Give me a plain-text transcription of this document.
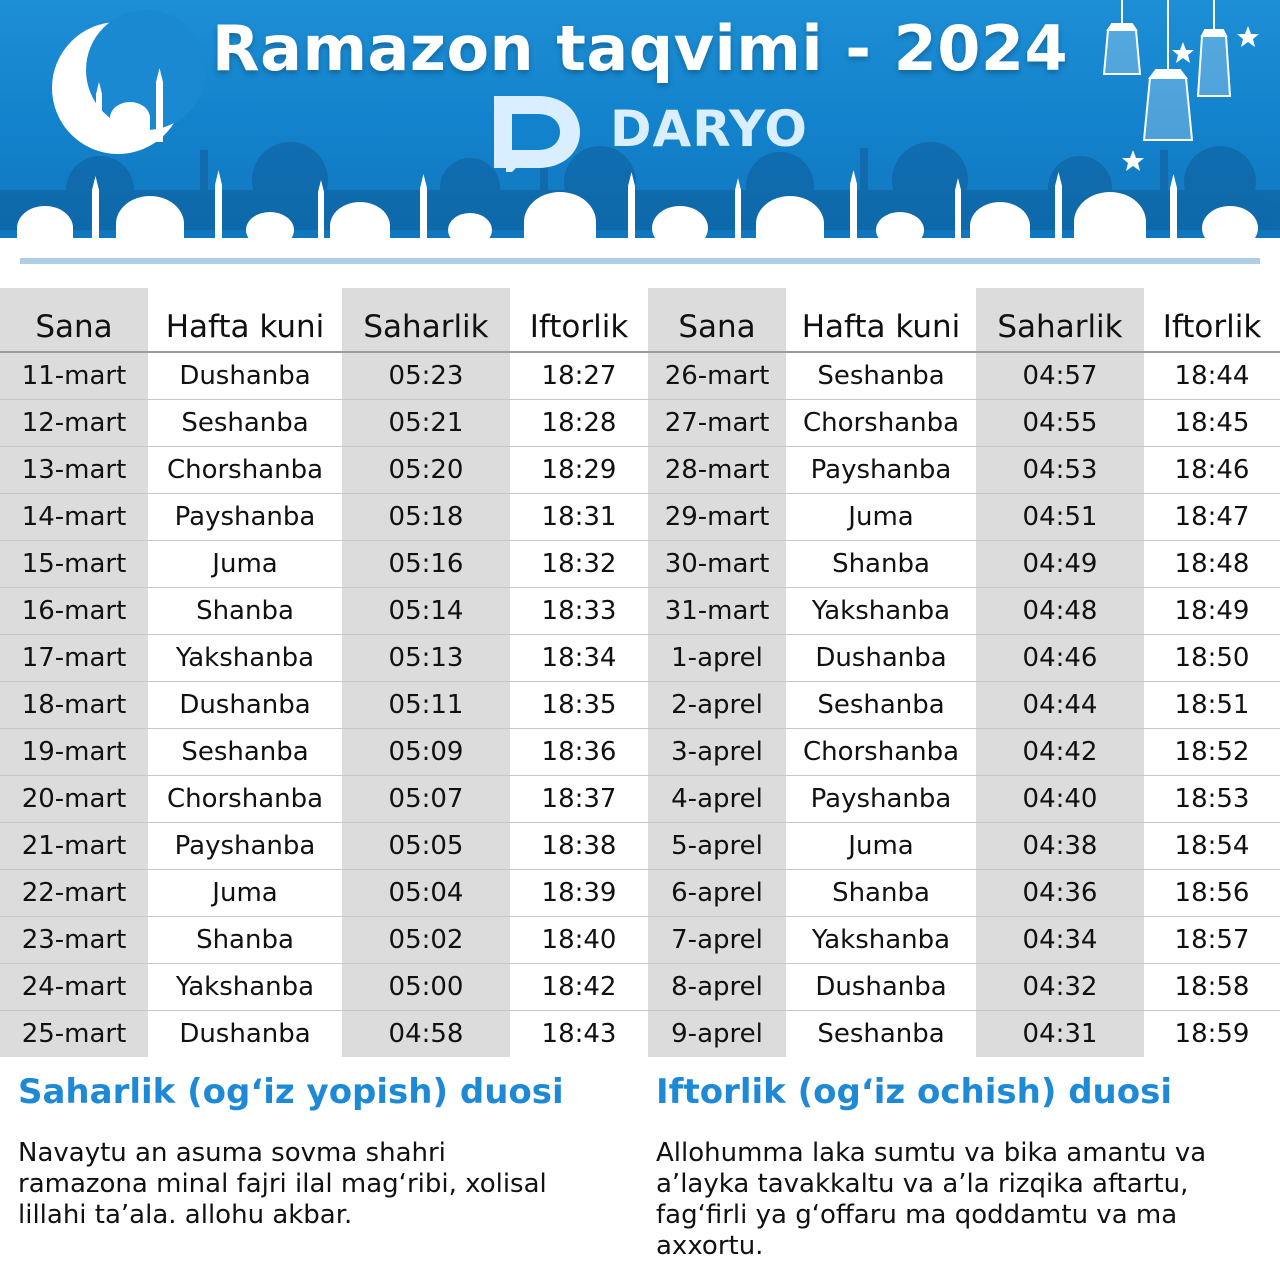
Ramazon taqvimi - 2024
DARYO
Sana	Hafta kuni	Saharlik	Iftorlik	Sana	Hafta kuni	Saharlik	Iftorlik
11-mart	Dushanba	05:23	18:27	26-mart	Seshanba	04:57	18:44
12-mart	Seshanba	05:21	18:28	27-mart	Chorshanba	04:55	18:45
13-mart	Chorshanba	05:20	18:29	28-mart	Payshanba	04:53	18:46
14-mart	Payshanba	05:18	18:31	29-mart	Juma	04:51	18:47
15-mart	Juma	05:16	18:32	30-mart	Shanba	04:49	18:48
16-mart	Shanba	05:14	18:33	31-mart	Yakshanba	04:48	18:49
17-mart	Yakshanba	05:13	18:34	1-aprel	Dushanba	04:46	18:50
18-mart	Dushanba	05:11	18:35	2-aprel	Seshanba	04:44	18:51
19-mart	Seshanba	05:09	18:36	3-aprel	Chorshanba	04:42	18:52
20-mart	Chorshanba	05:07	18:37	4-aprel	Payshanba	04:40	18:53
21-mart	Payshanba	05:05	18:38	5-aprel	Juma	04:38	18:54
22-mart	Juma	05:04	18:39	6-aprel	Shanba	04:36	18:56
23-mart	Shanba	05:02	18:40	7-aprel	Yakshanba	04:34	18:57
24-mart	Yakshanba	05:00	18:42	8-aprel	Dushanba	04:32	18:58
25-mart	Dushanba	04:58	18:43	9-aprel	Seshanba	04:31	18:59
Saharlik (og‘iz yopish) duosi
Navaytu an asuma sovma shahri ramazona minal fajri ilal mag‘ribi, xolisal lillahi ta’ala. allohu akbar.
Iftorlik (og‘iz ochish) duosi
Allohumma laka sumtu va bika amantu va a’layka tavakkaltu va a’la rizqika aftartu, fag‘firli ya g‘offaru ma qoddamtu va ma axxortu.
